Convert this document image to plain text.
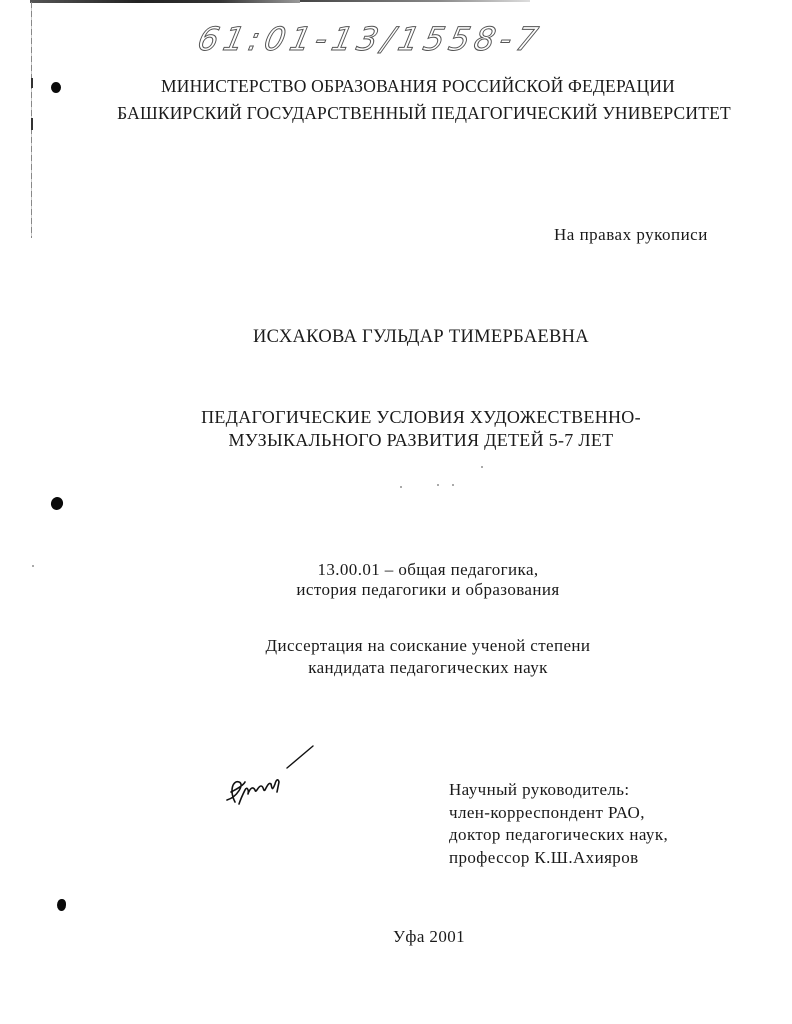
61:01-13/1558-7
МИНИСТЕРСТВО ОБРАЗОВАНИЯ РОССИЙСКОЙ ФЕДЕРАЦИИ
БАШКИРСКИЙ ГОСУДАРСТВЕННЫЙ ПЕДАГОГИЧЕСКИЙ УНИВЕРСИТЕТ
На правах рукописи
ИСХАКОВА ГУЛЬДАР ТИМЕРБАЕВНА
ПЕДАГОГИЧЕСКИЕ УСЛОВИЯ ХУДОЖЕСТВЕННО-
МУЗЫКАЛЬНОГО РАЗВИТИЯ ДЕТЕЙ 5-7 ЛЕТ
13.00.01 – общая педагогика,
история педагогики и образования
Диссертация на соискание ученой степени
кандидата педагогических наук
Научный руководитель:
член-корреспондент РАО,
доктор педагогических наук,
профессор К.Ш.Ахияров
Уфа 2001
